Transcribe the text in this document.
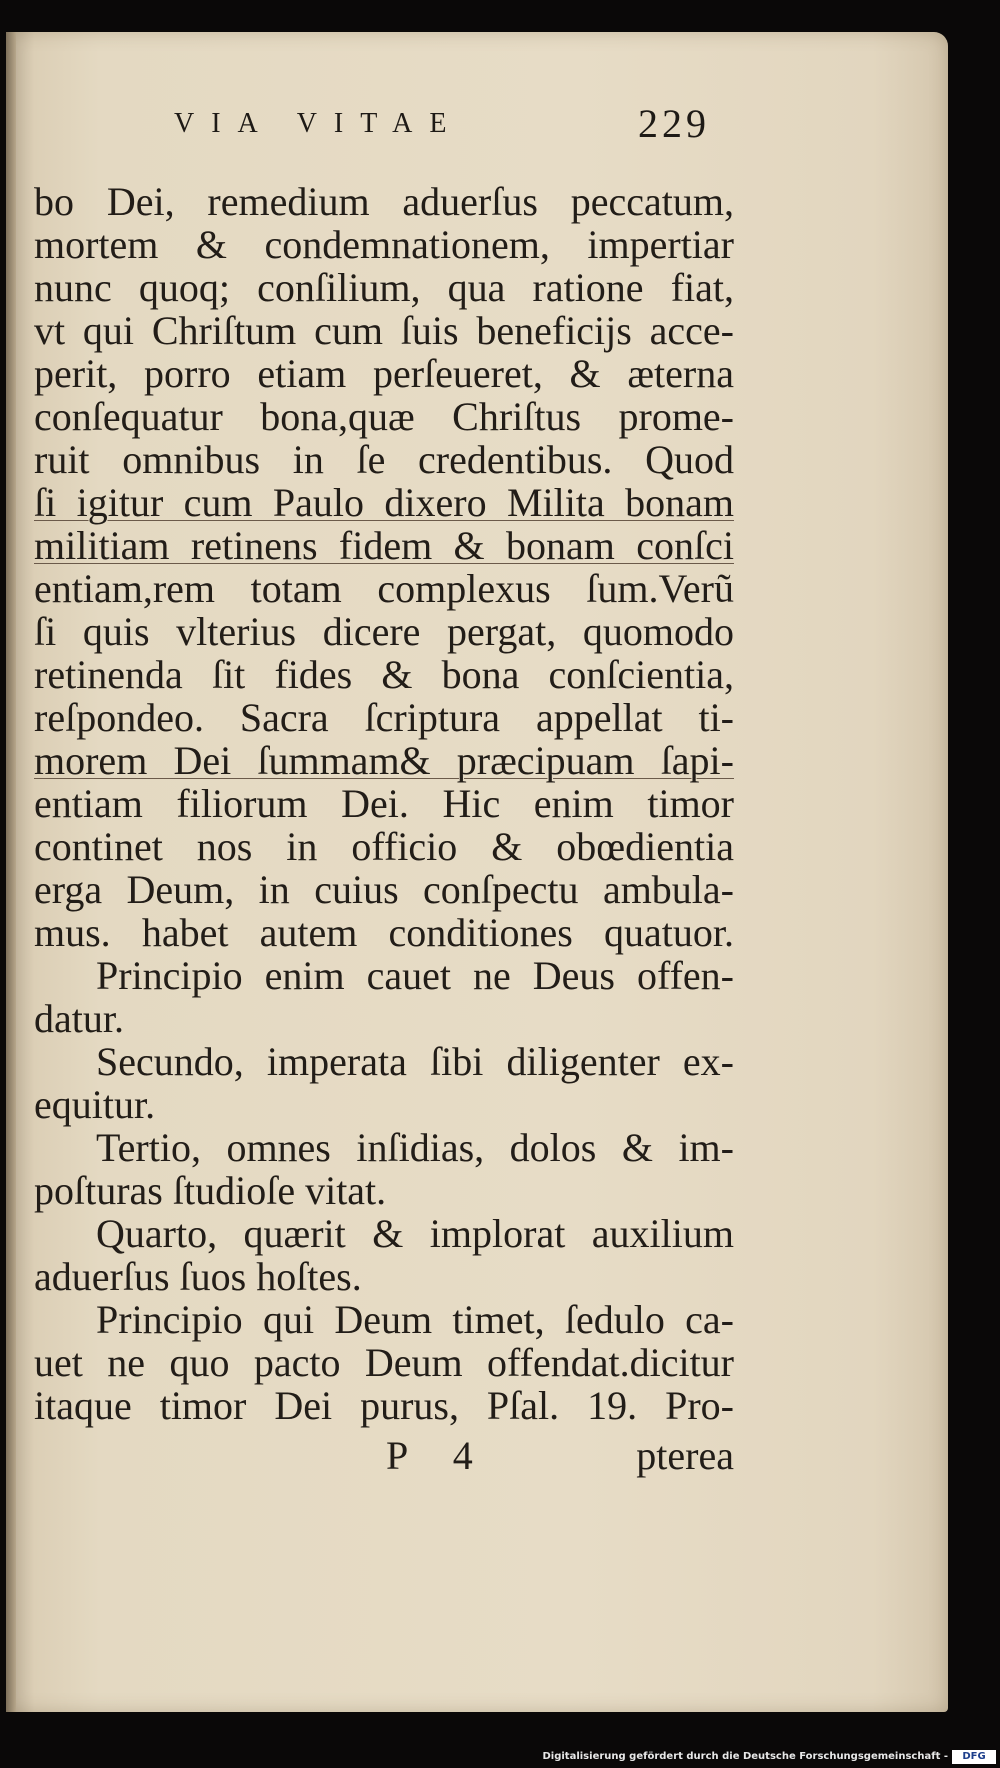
VIA VITAE	229
bo Dei, remedium aduerſus peccatum,
mortem & condemnationem, impertiar
nunc quoq; conſilium, qua ratione fiat,
vt qui Chriſtum cum ſuis beneficijs acce-
perit, porro etiam perſeueret, & æterna
conſequatur bona,quæ Chriſtus prome-
ruit omnibus in ſe credentibus. Quod
ſi igitur cum Paulo dixero Milita bonam
militiam retinens fidem & bonam conſci
entiam,rem totam complexus ſum.Verũ
ſi quis vlterius dicere pergat, quomodo
retinenda ſit fides & bona conſcientia,
reſpondeo. Sacra ſcriptura appellat ti-
morem Dei ſummam& præcipuam ſapi-
entiam filiorum Dei. Hic enim timor
continet nos in officio & obœdientia
erga Deum, in cuius conſpectu ambula-
mus. habet autem conditiones quatuor.
Principio enim cauet ne Deus offen-
datur.
Secundo, imperata ſibi diligenter ex-
equitur.
Tertio, omnes inſidias, dolos & im-
poſturas ſtudioſe vitat.
Quarto, quærit & implorat auxilium
aduerſus ſuos hoſtes.
Principio qui Deum timet, ſedulo ca-
uet ne quo pacto Deum offendat.dicitur
itaque timor Dei purus, Pſal. 19. Pro-
P 4	pterea
Digitalisierung gefördert durch die Deutsche Forschungsgemeinschaft -	DFG
